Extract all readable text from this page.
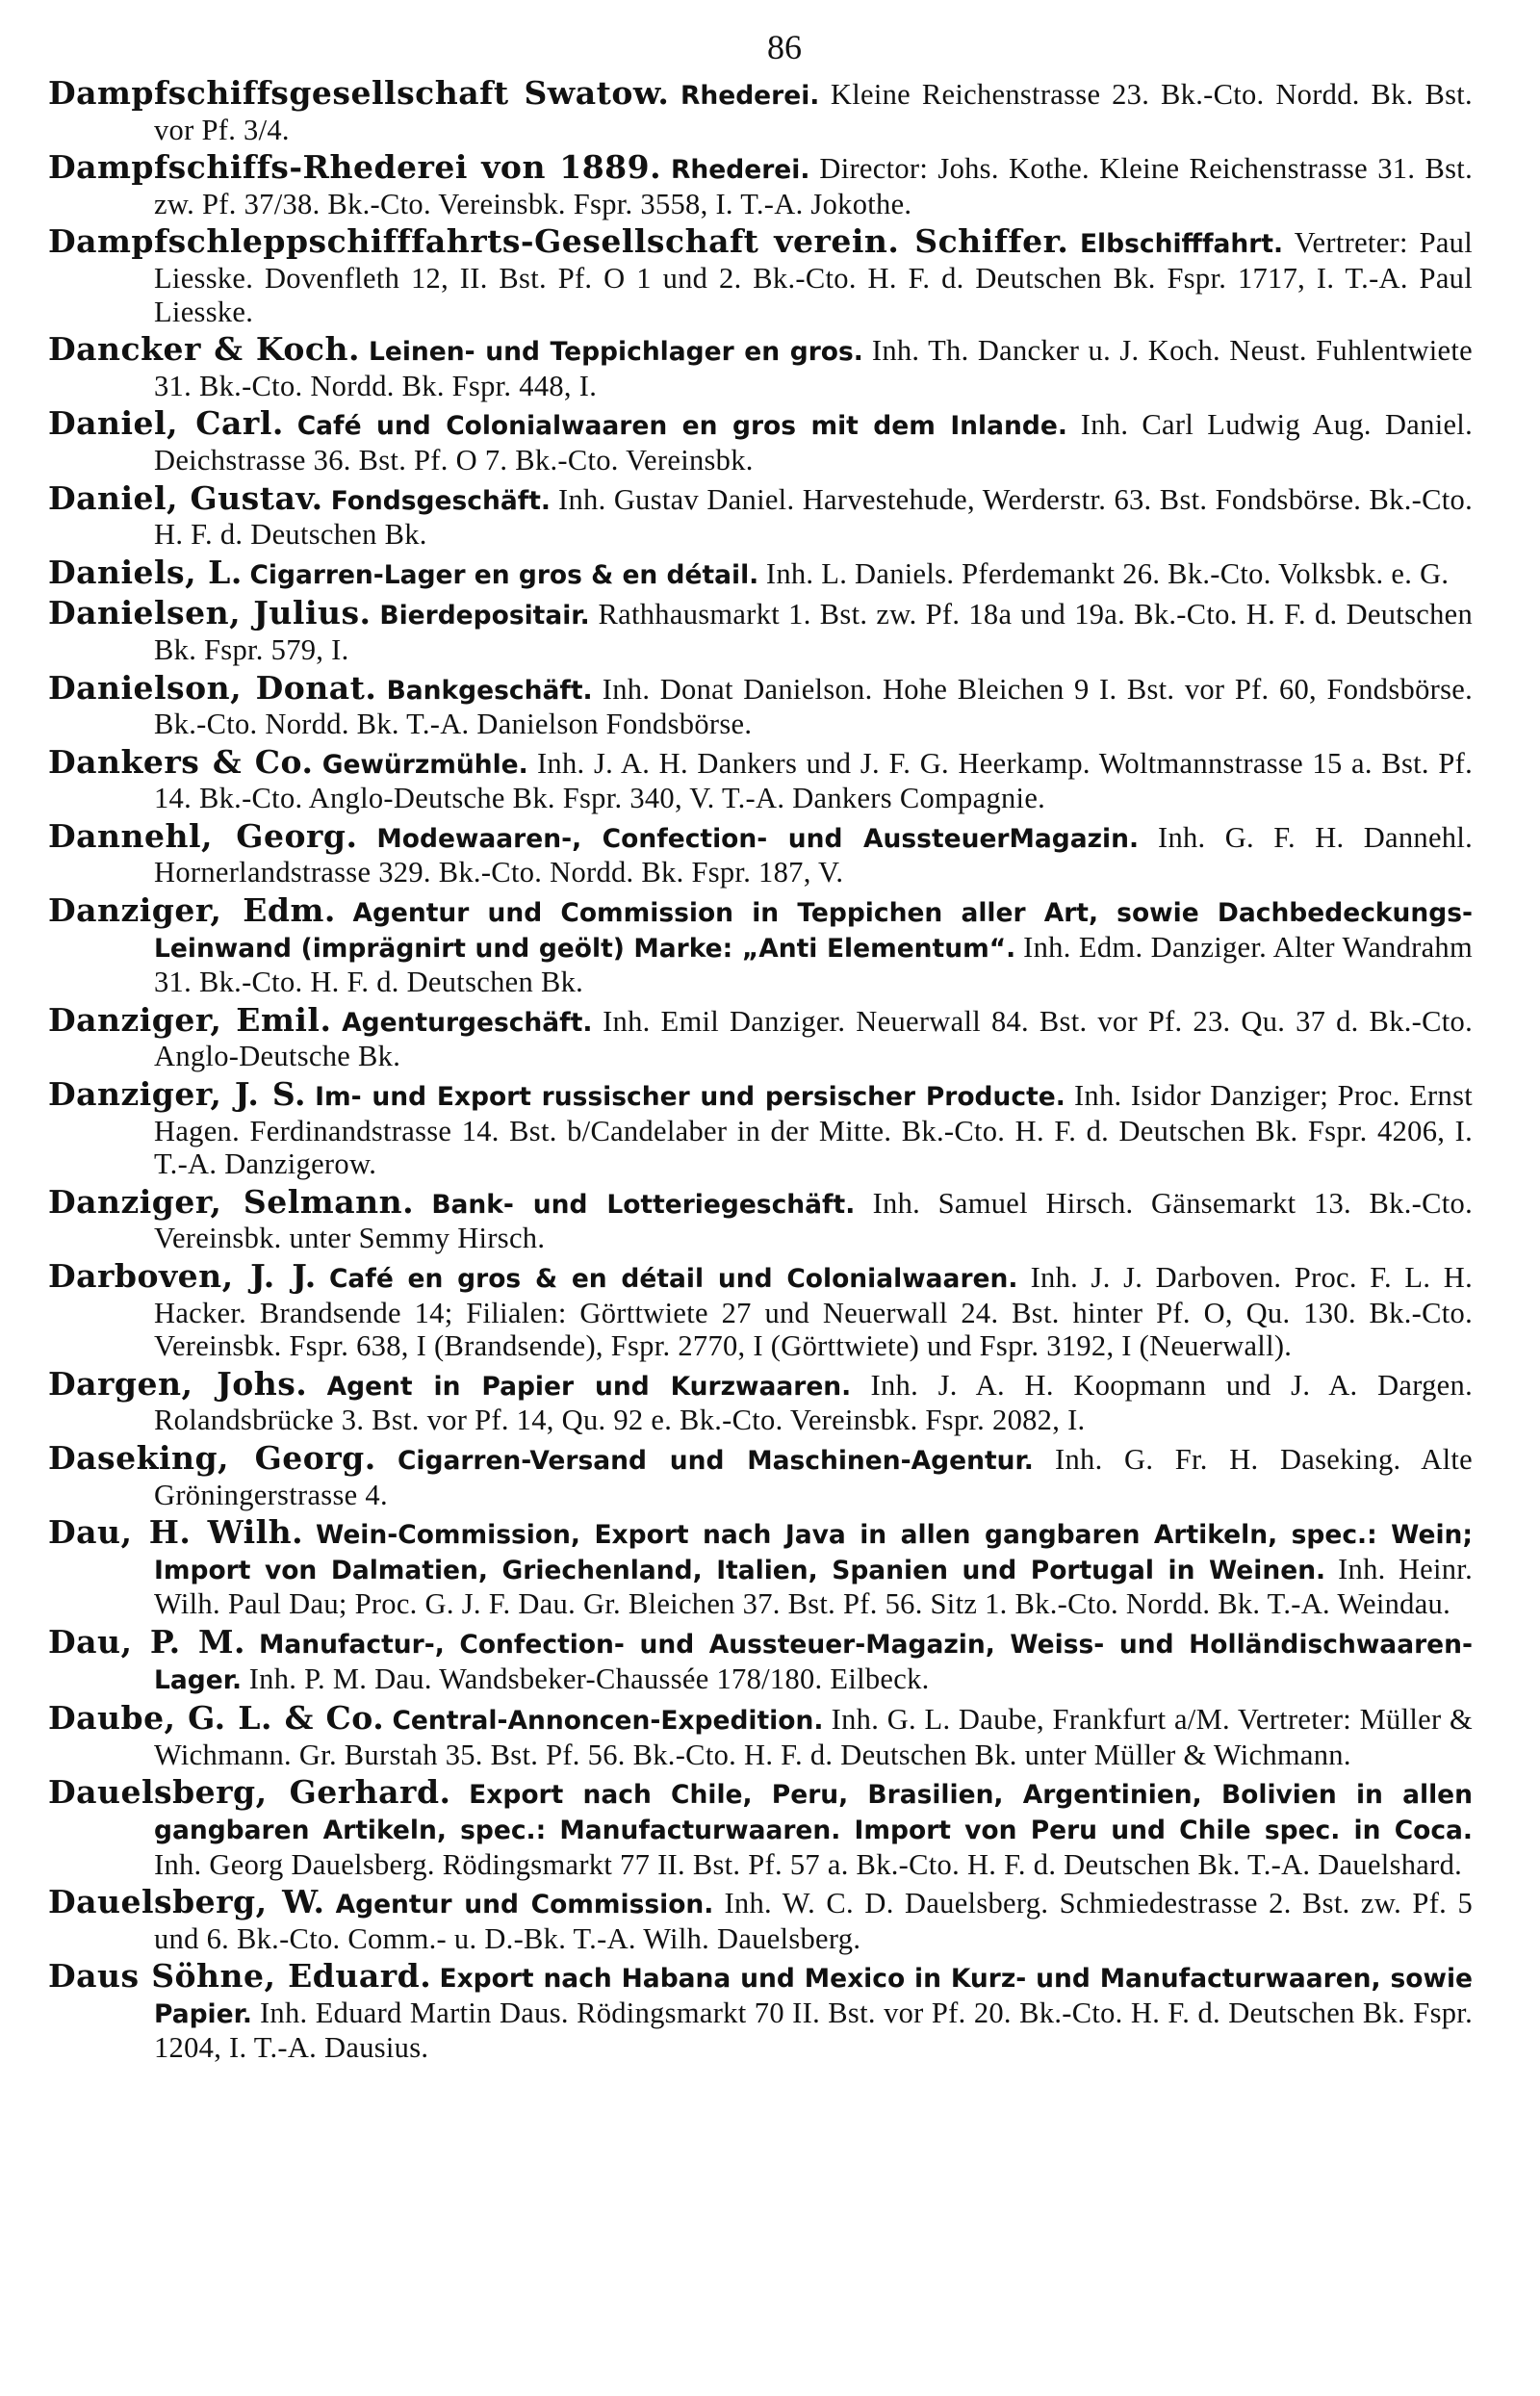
86

Dampfschiffsgesellschaft Swatow. Rhederei. Kleine Reichenstrasse 23. Bk.-Cto. Nordd. Bk. Bst. vor Pf. 3/4.

Dampfschiffs-Rhederei von 1889. Rhederei. Director: Johs. Kothe. Kleine Reichenstrasse 31. Bst. zw. Pf. 37/38. Bk.-Cto. Vereinsbk. Fspr. 3558, I. T.-A. Jokothe.

Dampfschleppschifffahrts-Gesellschaft verein. Schiffer. Elbschifffahrt. Vertreter: Paul Liesske. Dovenfleth 12, II. Bst. Pf. O 1 und 2. Bk.-Cto. H. F. d. Deutschen Bk. Fspr. 1717, I. T.-A. Paul Liesske.

Dancker & Koch. Leinen- und Teppichlager en gros. Inh. Th. Dancker u. J. Koch. Neust. Fuhlentwiete 31. Bk.-Cto. Nordd. Bk. Fspr. 448, I.

Daniel, Carl. Café und Colonialwaaren en gros mit dem Inlande. Inh. Carl Ludwig Aug. Daniel. Deichstrasse 36. Bst. Pf. O 7. Bk.-Cto. Vereinsbk.

Daniel, Gustav. Fondsgeschäft. Inh. Gustav Daniel. Harvestehude, Werderstr. 63. Bst. Fondsbörse. Bk.-Cto. H. F. d. Deutschen Bk.

Daniels, L. Cigarren-Lager en gros & en détail. Inh. L. Daniels. Pferdemankt 26. Bk.-Cto. Volksbk. e. G.

Danielsen, Julius. Bierdepositair. Rathhausmarkt 1. Bst. zw. Pf. 18a und 19a. Bk.-Cto. H. F. d. Deutschen Bk. Fspr. 579, I.

Danielson, Donat. Bankgeschäft. Inh. Donat Danielson. Hohe Bleichen 9 I. Bst. vor Pf. 60, Fondsbörse. Bk.-Cto. Nordd. Bk. T.-A. Danielson Fondsbörse.

Dankers & Co. Gewürzmühle. Inh. J. A. H. Dankers und J. F. G. Heerkamp. Woltmannstrasse 15 a. Bst. Pf. 14. Bk.-Cto. Anglo-Deutsche Bk. Fspr. 340, V. T.-A. Dankers Compagnie.

Dannehl, Georg. Modewaaren-, Confection- und AussteuerMagazin. Inh. G. F. H. Dannehl. Hornerlandstrasse 329. Bk.-Cto. Nordd. Bk. Fspr. 187, V.

Danziger, Edm. Agentur und Commission in Teppichen aller Art, sowie Dachbedeckungs-Leinwand (imprägnirt und geölt) Marke: „Anti Elementum“. Inh. Edm. Danziger. Alter Wandrahm 31. Bk.-Cto. H. F. d. Deutschen Bk.

Danziger, Emil. Agenturgeschäft. Inh. Emil Danziger. Neuerwall 84. Bst. vor Pf. 23. Qu. 37 d. Bk.-Cto. Anglo-Deutsche Bk.

Danziger, J. S. Im- und Export russischer und persischer Producte. Inh. Isidor Danziger; Proc. Ernst Hagen. Ferdinandstrasse 14. Bst. b/Candelaber in der Mitte. Bk.-Cto. H. F. d. Deutschen Bk. Fspr. 4206, I. T.-A. Danzigerow.

Danziger, Selmann. Bank- und Lotteriegeschäft. Inh. Samuel Hirsch. Gänsemarkt 13. Bk.-Cto. Vereinsbk. unter Semmy Hirsch.

Darboven, J. J. Café en gros & en détail und Colonialwaaren. Inh. J. J. Darboven. Proc. F. L. H. Hacker. Brandsende 14; Filialen: Görttwiete 27 und Neuerwall 24. Bst. hinter Pf. O, Qu. 130. Bk.-Cto. Vereinsbk. Fspr. 638, I (Brandsende), Fspr. 2770, I (Görttwiete) und Fspr. 3192, I (Neuerwall).

Dargen, Johs. Agent in Papier und Kurzwaaren. Inh. J. A. H. Koopmann und J. A. Dargen. Rolandsbrücke 3. Bst. vor Pf. 14, Qu. 92 e. Bk.-Cto. Vereinsbk. Fspr. 2082, I.

Daseking, Georg. Cigarren-Versand und Maschinen-Agentur. Inh. G. Fr. H. Daseking. Alte Gröningerstrasse 4.

Dau, H. Wilh. Wein-Commission, Export nach Java in allen gangbaren Artikeln, spec.: Wein; Import von Dalmatien, Griechenland, Italien, Spanien und Portugal in Weinen. Inh. Heinr. Wilh. Paul Dau; Proc. G. J. F. Dau. Gr. Bleichen 37. Bst. Pf. 56. Sitz 1. Bk.-Cto. Nordd. Bk. T.-A. Weindau.

Dau, P. M. Manufactur-, Confection- und Aussteuer-Magazin, Weiss- und Holländischwaaren-Lager. Inh. P. M. Dau. Wandsbeker-Chaussée 178/180. Eilbeck.

Daube, G. L. & Co. Central-Annoncen-Expedition. Inh. G. L. Daube, Frankfurt a/M. Vertreter: Müller & Wichmann. Gr. Burstah 35. Bst. Pf. 56. Bk.-Cto. H. F. d. Deutschen Bk. unter Müller & Wichmann.

Dauelsberg, Gerhard. Export nach Chile, Peru, Brasilien, Argentinien, Bolivien in allen gangbaren Artikeln, spec.: Manufacturwaaren. Import von Peru und Chile spec. in Coca. Inh. Georg Dauelsberg. Rödingsmarkt 77 II. Bst. Pf. 57 a. Bk.-Cto. H. F. d. Deutschen Bk. T.-A. Dauelshard.

Dauelsberg, W. Agentur und Commission. Inh. W. C. D. Dauelsberg. Schmiedestrasse 2. Bst. zw. Pf. 5 und 6. Bk.-Cto. Comm.- u. D.-Bk. T.-A. Wilh. Dauelsberg.

Daus Söhne, Eduard. Export nach Habana und Mexico in Kurz- und Manufacturwaaren, sowie Papier. Inh. Eduard Martin Daus. Rödingsmarkt 70 II. Bst. vor Pf. 20. Bk.-Cto. H. F. d. Deutschen Bk. Fspr. 1204, I. T.-A. Dausius.
